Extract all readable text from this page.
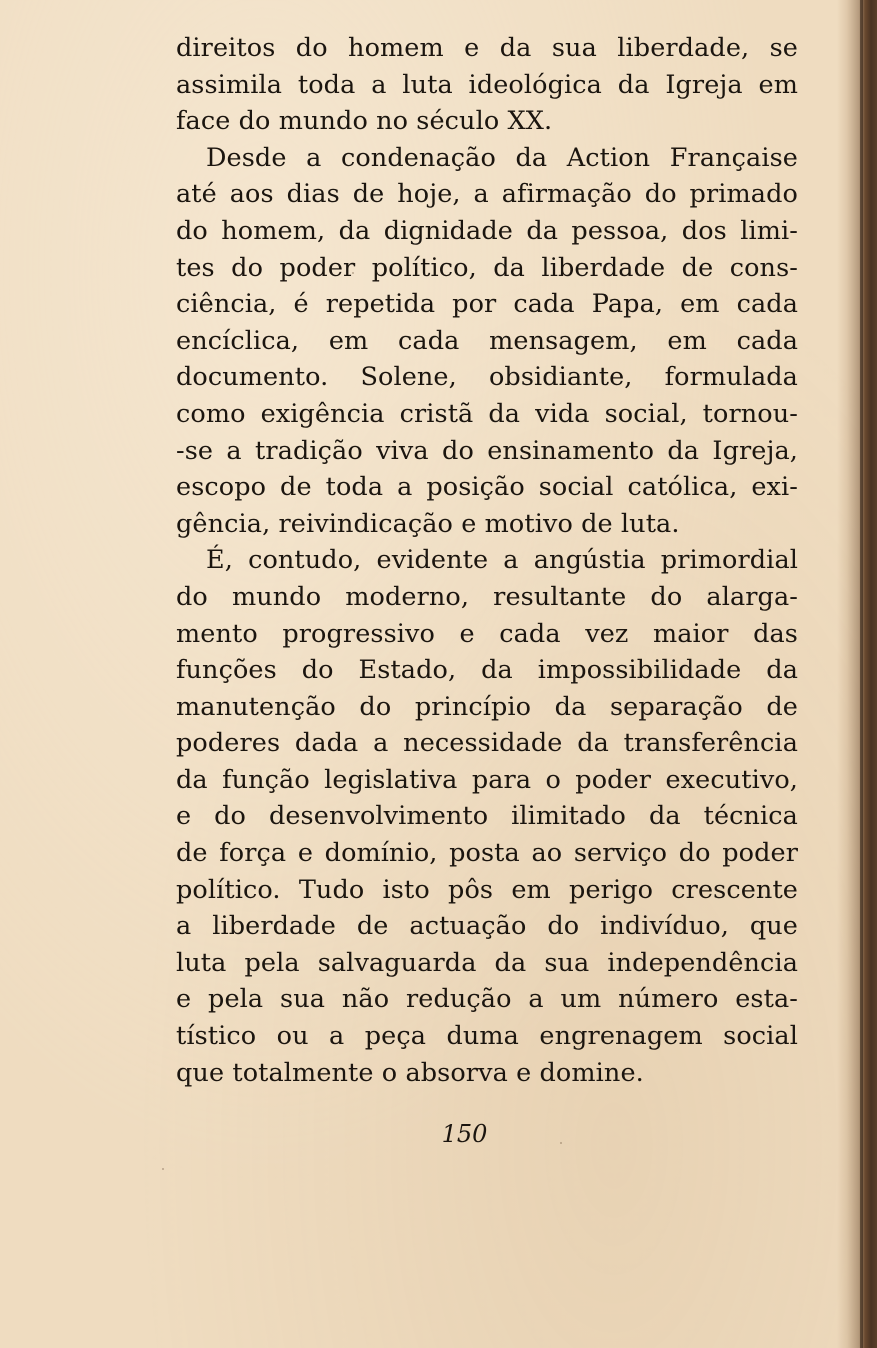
direitos do homem e da sua liberdade, se
assimila toda a luta ideológica da Igreja em
face do mundo no século XX.
Desde a condenação da Action Française
até aos dias de hoje, a afirmação do primado
do homem, da dignidade da pessoa, dos limi-
tes do poder político, da liberdade de cons-
ciência, é repetida por cada Papa, em cada
encíclica, em cada mensagem, em cada
documento. Solene, obsidiante, formulada
como exigência cristã da vida social, tornou-
-se a tradição viva do ensinamento da Igreja,
escopo de toda a posição social católica, exi-
gência, reivindicação e motivo de luta.
É, contudo, evidente a angústia primordial
do mundo moderno, resultante do alarga-
mento progressivo e cada vez maior das
funções do Estado, da impossibilidade da
manutenção do princípio da separação de
poderes dada a necessidade da transferência
da função legislativa para o poder executivo,
e do desenvolvimento ilimitado da técnica
de força e domínio, posta ao serviço do poder
político. Tudo isto pôs em perigo crescente
a liberdade de actuação do indivíduo, que
luta pela salvaguarda da sua independência
e pela sua não redução a um número esta-
tístico ou a peça duma engrenagem social
que totalmente o absorva e domine.
150
